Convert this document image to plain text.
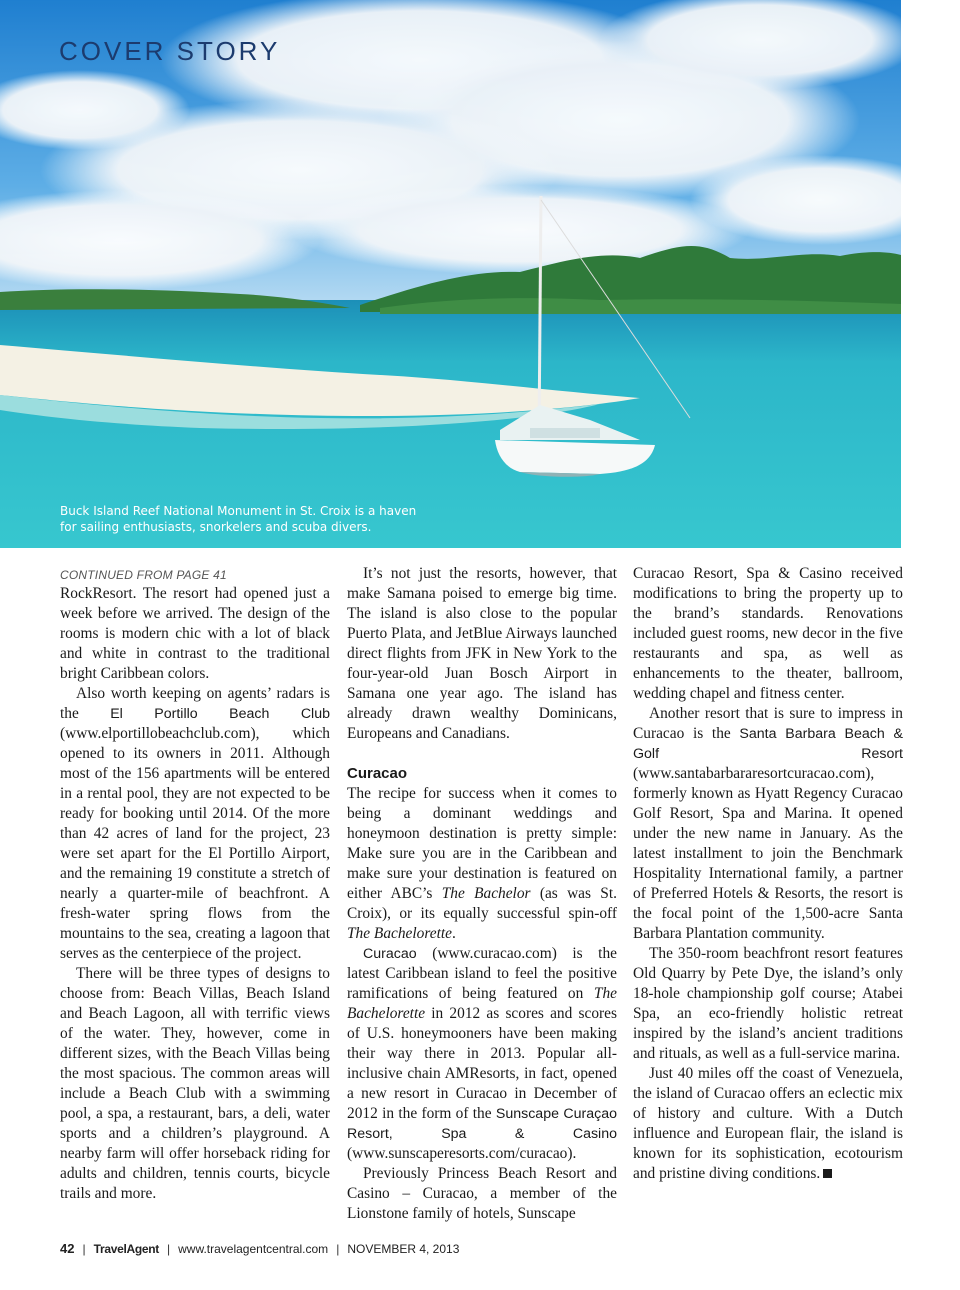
COVER STORY
Buck Island Reef National Monument in St. Croix is a haven for sailing enthusiasts, snorkelers and scuba divers.
CONTINUED FROM PAGE 41

RockResort. The resort had opened just a week before we arrived. The design of the rooms is modern chic with a lot of black and white in contrast to the traditional bright Caribbean colors.

Also worth keeping on agents’ radars is the El Portillo Beach Club (www.elportillobeachclub.com), which opened to its owners in 2011. Although most of the 156 apartments will be entered in a rental pool, they are not expected to be ready for booking until 2014. Of the more than 42 acres of land for the project, 23 were set apart for the El Portillo Airport, and the remaining 19 constitute a stretch of nearly a quarter-mile of beachfront. A fresh-water spring flows from the mountains to the sea, creating a lagoon that serves as the centerpiece of the project.

There will be three types of designs to choose from: Beach Villas, Beach Island and Beach Lagoon, all with terrific views of the water. They, however, come in different sizes, with the Beach Villas being the most spacious. The common areas will include a Beach Club with a swimming pool, a spa, a restaurant, bars, a deli, water sports and a children’s playground. A nearby farm will offer horseback riding for adults and children, tennis courts, bicycle trails and more.

It’s not just the resorts, however, that make Samana poised to emerge big time. The island is also close to the popular Puerto Plata, and JetBlue Airways launched direct flights from JFK in New York to the four-year-old Juan Bosch Airport in Samana one year ago. The island has already drawn wealthy Dominicans, Europeans and Canadians.

Curacao

The recipe for success when it comes to being a dominant weddings and honeymoon destination is pretty simple: Make sure you are in the Caribbean and make sure your destination is featured on either ABC’s The Bachelor (as was St. Croix), or its equally successful spin-off The Bachelorette.

Curacao (www.curacao.com) is the latest Caribbean island to feel the positive ramifications of being featured on The Bachelorette in 2012 as scores and scores of U.S. honeymooners have been making their way there in 2013. Popular all-inclusive chain AMResorts, in fact, opened a new resort in Curacao in December of 2012 in the form of the Sunscape Curaçao Resort, Spa & Casino (www.sunscaperesorts.com/curacao).

Previously Princess Beach Resort and Casino – Curacao, a member of the Lionstone family of hotels, Sunscape

Curacao Resort, Spa & Casino received modifications to bring the property up to the brand’s standards. Renovations included guest rooms, new decor in the five restaurants and spa, as well as enhancements to the theater, ballroom, wedding chapel and fitness center.

Another resort that is sure to impress in Curacao is the Santa Barbara Beach & Golf Resort (www.santabarbararesortcuracao.com), formerly known as Hyatt Regency Curacao Golf Resort, Spa and Marina. It opened under the new name in January. As the latest installment to join the Benchmark Hospitality International family, a partner of Preferred Hotels & Resorts, the resort is the focal point of the 1,500-acre Santa Barbara Plantation community.

The 350-room beachfront resort features Old Quarry by Pete Dye, the island’s only 18-hole championship golf course; Atabei Spa, an eco-friendly holistic retreat inspired by the island’s ancient traditions and rituals, as well as a full-service marina.

Just 40 miles off the coast of Venezuela, the island of Curacao offers an eclectic mix of history and culture. With a Dutch influence and European flair, the island is known for its sophistication, ecotourism and pristine diving conditions.

42 | TravelAgent | www.travelagentcentral.com | NOVEMBER 4, 2013
